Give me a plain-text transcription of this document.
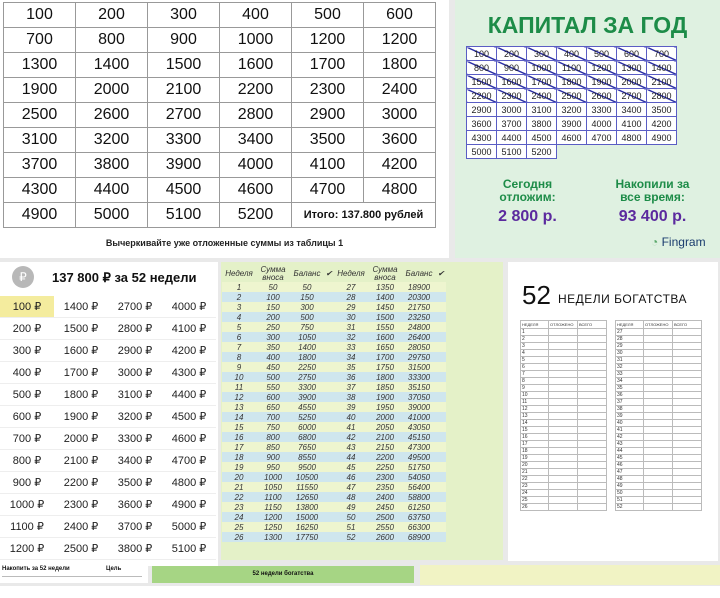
100	200	300	400	500	600
700	800	900	1000	1200	1200
1300	1400	1500	1600	1700	1800
1900	2000	2100	2200	2300	2400
2500	2600	2700	2800	2900	3000
3100	3200	3300	3400	3500	3600
3700	3800	3900	4000	4100	4200
4300	4400	4500	4600	4700	4800
4900	5000	5100	5200	Итого: 137.800 рублей	
Вычеркивайте уже отложенные суммы из таблицы 1
КАПИТАЛ ЗА ГОД
100	200	300	400	500	600	700
800	900	1000	1100	1200	1300	1400
1500	1600	1700	1800	1900	2000	2100
2200	2300	2400	2500	2600	2700	2800
2900	3000	3100	3200	3300	3400	3500
3600	3700	3800	3900	4000	4100	4200
4300	4400	4500	4600	4700	4800	4900
5000	5100	5200				
Сегодня
отложим:
2 800 р.
Накопили за
все время:
93 400 р.
◔ Fingram
₽	137 800 ₽ за 52 недели
100 ₽	1400 ₽	2700 ₽	4000 ₽
200 ₽	1500 ₽	2800 ₽	4100 ₽
300 ₽	1600 ₽	2900 ₽	4200 ₽
400 ₽	1700 ₽	3000 ₽	4300 ₽
500 ₽	1800 ₽	3100 ₽	4400 ₽
600 ₽	1900 ₽	3200 ₽	4500 ₽
700 ₽	2000 ₽	3300 ₽	4600 ₽
800 ₽	2100 ₽	3400 ₽	4700 ₽
900 ₽	2200 ₽	3500 ₽	4800 ₽
1000 ₽	2300 ₽	3600 ₽	4900 ₽
1100 ₽	2400 ₽	3700 ₽	5000 ₽
1200 ₽	2500 ₽	3800 ₽	5100 ₽

Неделя	Сумма вноса	Баланс	✔	Неделя	Сумма вноса	Баланс	✔
1	50	50		27	1350	18900	
2	100	150		28	1400	20300	
3	150	300		29	1450	21750	
4	200	500		30	1500	23250	
5	250	750		31	1550	24800	
6	300	1050		32	1600	26400	
7	350	1400		33	1650	28050	
8	400	1800		34	1700	29750	
9	450	2250		35	1750	31500	
10	500	2750		36	1800	33300	
11	550	3300		37	1850	35150	
12	600	3900		38	1900	37050	
13	650	4550		39	1950	39000	
14	700	5250		40	2000	41000	
15	750	6000		41	2050	43050	
16	800	6800		42	2100	45150	
17	850	7650		43	2150	47300	
18	900	8550		44	2200	49500	
19	950	9500		45	2250	51750	
20	1000	10500		46	2300	54050	
21	1050	11550		47	2350	56400	
22	1100	12650		48	2400	58800	
23	1150	13800		49	2450	61250	
24	1200	15000		50	2500	63750	
25	1250	16250		51	2550	66300	
26	1300	17750		52	2600	68900	
52 НЕДЕЛИ БОГАТСТВА
НЕДЕЛЯ	ОТЛОЖЕНО	ВСЕГО
1		
2		
3		
4		
5		
6		
7		
8		
9		
10		
11		
12		
13		
14		
15		
16		
17		
18		
19		
20		
21		
22		
23		
24		
25		
26		
НЕДЕЛЯ	ОТЛОЖЕНО	ВСЕГО
27		
28		
29		
30		
31		
32		
33		
34		
35		
36		
37		
38		
39		
40		
41		
42		
43		
44		
45		
46		
47		
48		
49		
50		
51		
52		
Накопить за 52 недели	Цель
52 недели богатства
